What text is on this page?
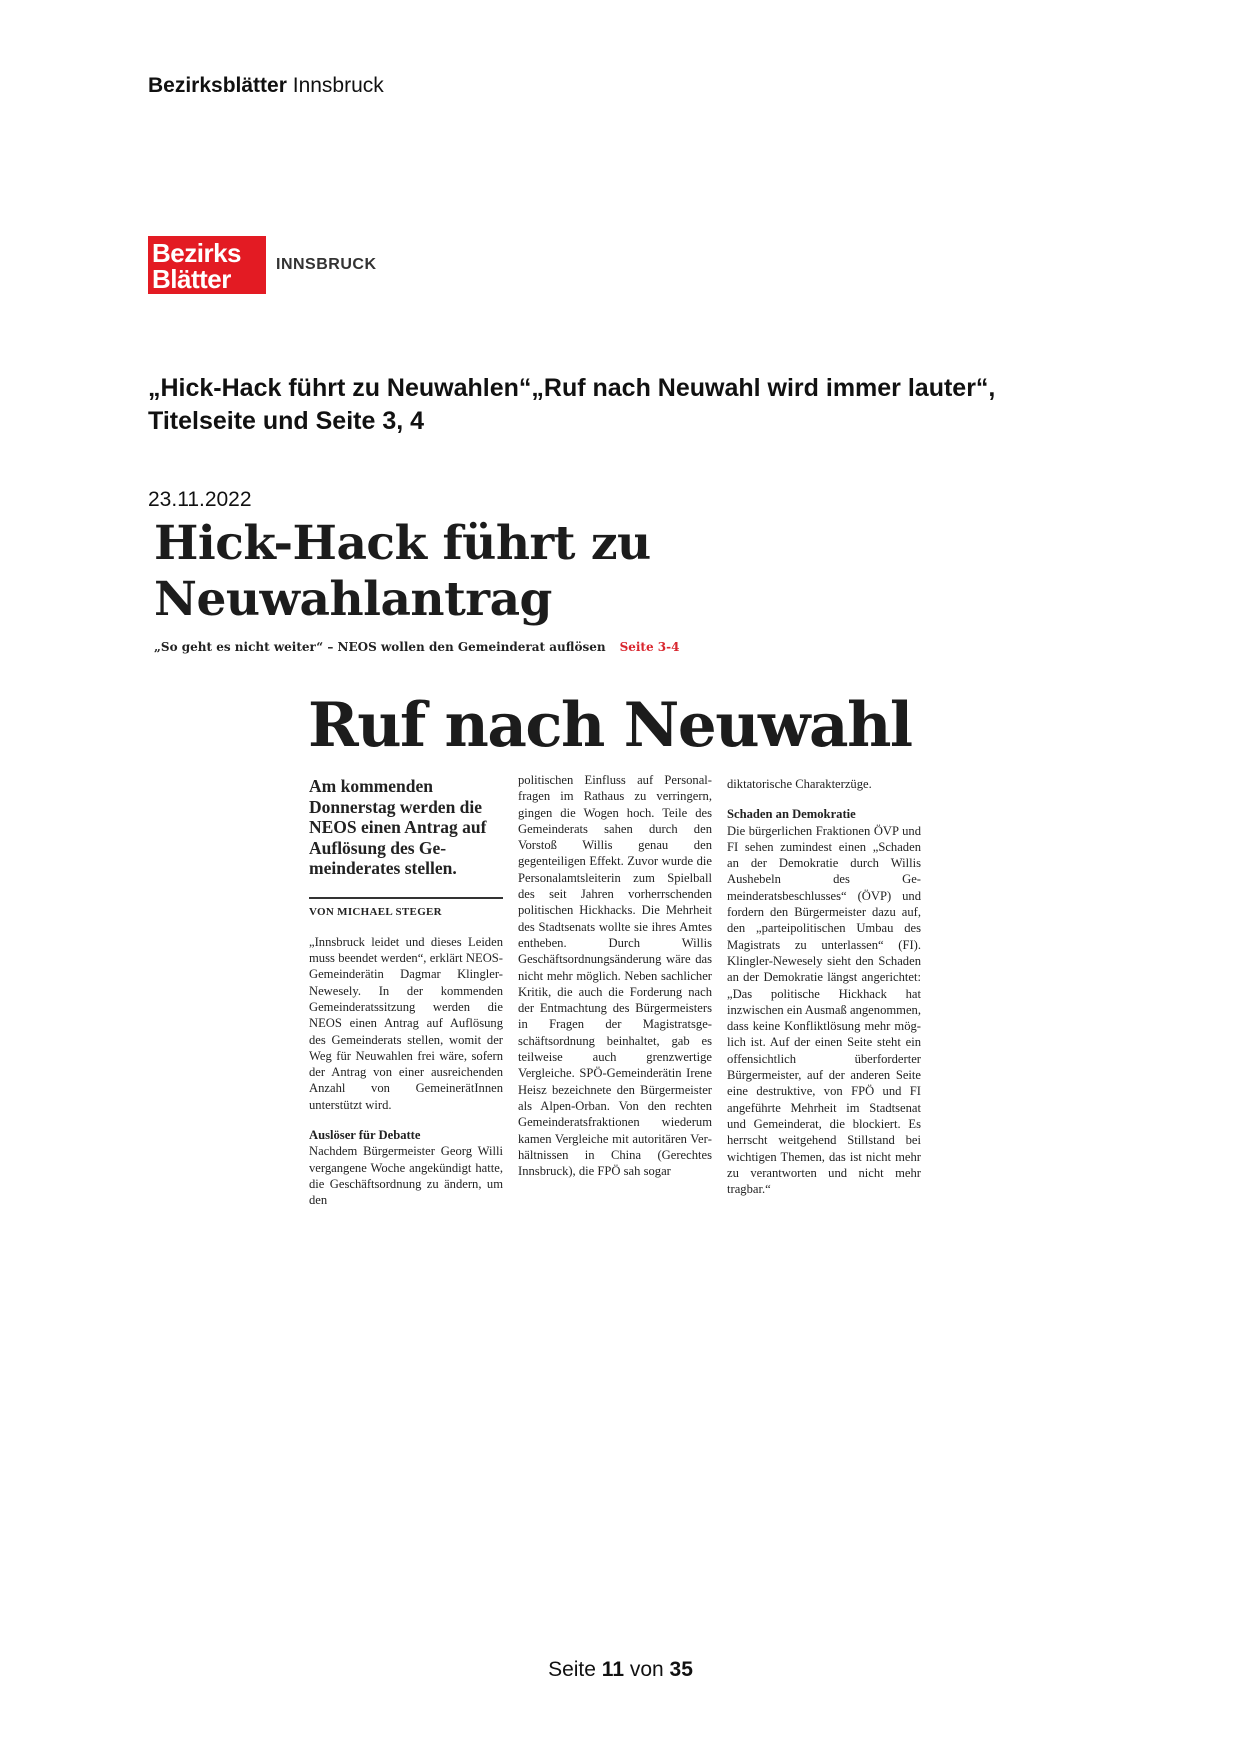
Bezirksblätter Innsbruck
Bezirks
Blätter	INNSBRUCK
„Hick-Hack führt zu Neuwahlen“„Ruf nach Neuwahl wird immer lauter“, Titelseite und Seite 3, 4
23.11.2022
Hick-Hack führt zu Neuwahlantrag
„So geht es nicht weiter“ – NEOS wollen den Gemeinderat auflösen Seite 3-4
Ruf nach Neuwahl

Am kommenden Donnerstag werden die NEOS einen Antrag auf Auflösung des Gemeinderates stellen.

VON MICHAEL STEGER

„Innsbruck leidet und dieses Leiden muss beendet werden“, erklärt NEOS-Gemeinderätin Dagmar Klingler-Newesely. In der kommenden Gemeinderatssitzung werden die NEOS einen Antrag auf Auflösung des Gemeinderats stellen, womit der Weg für Neuwahlen frei wäre, sofern der Antrag von einer ausreichenden Anzahl von GemeinerätInnen unterstützt wird.

Auslöser für Debatte

Nachdem Bürgermeister Georg Willi vergangene Woche angekündigt hatte, die Geschäftsordnung zu ändern, um den

politischen Einfluss auf Personalfragen im Rathaus zu verringern, gingen die Wogen hoch. Teile des Gemeinderats sahen durch den Vorstoß Willis genau den gegenteiligen Effekt. Zuvor wurde die Personalamtsleiterin zum Spielball des seit Jahren vorherrschenden politischen Hickhacks. Die Mehrheit des Stadtsenats wollte sie ihres Amtes entheben. Durch Willis Geschäftsordnungsänderung wäre das nicht mehr möglich. Neben sachlicher Kritik, die auch die Forderung nach der Entmachtung des Bürgermeisters in Fragen der Magistratsgeschäftsordnung beinhaltet, gab es teilweise auch grenzwertige Vergleiche. SPÖ-Gemeinderätin Irene Heisz bezeichnete den Bürgermeister als Alpen-Orban. Von den rechten Gemeinderatsfraktionen wiederum kamen Vergleiche mit autoritären Verhältnissen in China (Gerechtes Innsbruck), die FPÖ sah sogar

diktatorische Charakterzüge.

Schaden an Demokratie

Die bürgerlichen Fraktionen ÖVP und FI sehen zumindest einen „Schaden an der Demokratie durch Willis Aushebeln des Gemeinderatsbeschlusses“ (ÖVP) und fordern den Bürgermeister dazu auf, den „parteipolitischen Umbau des Magistrats zu unterlassen“ (FI). Klingler-Newesely sieht den Schaden an der Demokratie längst angerichtet: „Das politische Hickhack hat inzwischen ein Ausmaß angenommen, dass keine Konfliktlösung mehr möglich ist. Auf der einen Seite steht ein offensichtlich überforderter Bürgermeister, auf der anderen Seite eine destruktive, von FPÖ und FI angeführte Mehrheit im Stadtsenat und Gemeinderat, die blockiert. Es herrscht weitgehend Stillstand bei wichtigen Themen, das ist nicht mehr zu verantworten und nicht mehr tragbar.“

Seite 11 von 35
